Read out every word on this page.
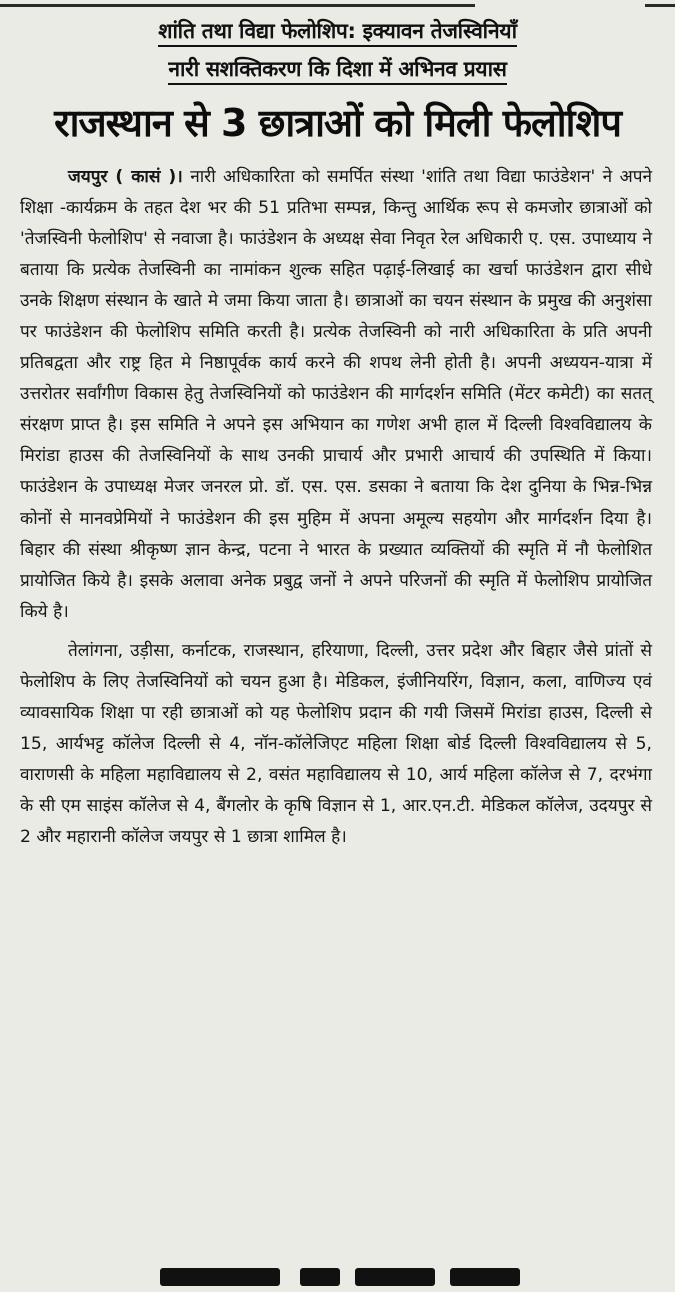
शांति तथा विद्या फेलोशिप: इक्यावन तेजस्विनियाँ
नारी सशक्तिकरण कि दिशा में अभिनव प्रयास
राजस्थान से 3 छात्राओं को मिली फेलोशिप

जयपुर ( कासं )। नारी अधिकारिता को समर्पित संस्था 'शांति तथा विद्या फाउंडेशन' ने अपने शिक्षा -कार्यक्रम के तहत देश भर की 51 प्रतिभा सम्पन्न, किन्तु आर्थिक रूप से कमजोर छात्राओं को 'तेजस्विनी फेलोशिप' से नवाजा है। फाउंडेशन के अध्यक्ष सेवा निवृत रेल अधिकारी ए. एस. उपाध्याय ने बताया कि प्रत्येक तेजस्विनी का नामांकन शुल्क सहित पढ़ाई-लिखाई का खर्चा फाउंडेशन द्वारा सीधे उनके शिक्षण संस्थान के खाते मे जमा किया जाता है। छात्राओं का चयन संस्थान के प्रमुख की अनुशंसा पर फाउंडेशन की फेलोशिप समिति करती है। प्रत्येक तेजस्विनी को नारी अधिकारिता के प्रति अपनी प्रतिबद्वता और राष्ट्र हित मे निष्ठापूर्वक कार्य करने की शपथ लेनी होती है। अपनी अध्ययन-यात्रा में उत्तरोतर सर्वांगीण विकास हेतु तेजस्विनियों को फाउंडेशन की मार्गदर्शन समिति (मेंटर कमेटी) का सतत् संरक्षण प्राप्त है। इस समिति ने अपने इस अभियान का गणेश अभी हाल में दिल्ली विश्वविद्यालय के मिरांडा हाउस की तेजस्विनियों के साथ उनकी प्राचार्य और प्रभारी आचार्य की उपस्थिति में किया। फाउंडेशन के उपाध्यक्ष मेजर जनरल प्रो. डॉ. एस. एस. डसका ने बताया कि देश दुनिया के भिन्न-भिन्न कोनों से मानवप्रेमियों ने फाउंडेशन की इस मुहिम में अपना अमूल्य सहयोग और मार्गदर्शन दिया है। बिहार की संस्था श्रीकृष्ण ज्ञान केन्द्र, पटना ने भारत के प्रख्यात व्यक्तियों की स्मृति में नौ फेलोशित प्रायोजित किये है। इसके अलावा अनेक प्रबुद्व जनों ने अपने परिजनों की स्मृति में फेलोशिप प्रायोजित किये है।

तेलांगना, उड़ीसा, कर्नाटक, राजस्थान, हरियाणा, दिल्ली, उत्तर प्रदेश और बिहार जैसे प्रांतों से फेलोशिप के लिए तेजस्विनियों को चयन हुआ है। मेडिकल, इंजीनियरिंग, विज्ञान, कला, वाणिज्य एवं व्यावसायिक शिक्षा पा रही छात्राओं को यह फेलोशिप प्रदान की गयी जिसमें मिरांडा हाउस, दिल्ली से 15, आर्यभट्ट कॉलेज दिल्ली से 4, नॉन-कॉलेजिएट महिला शिक्षा बोर्ड दिल्ली विश्वविद्यालय से 5, वाराणसी के महिला महाविद्यालय से 2, वसंत महाविद्यालय से 10, आर्य महिला कॉलेज से 7, दरभंगा के सी एम साइंस कॉलेज से 4, बैंगलोर के कृषि विज्ञान से 1, आर.एन.टी. मेडिकल कॉलेज, उदयपुर से 2 और महारानी कॉलेज जयपुर से 1 छात्रा शामिल है।
